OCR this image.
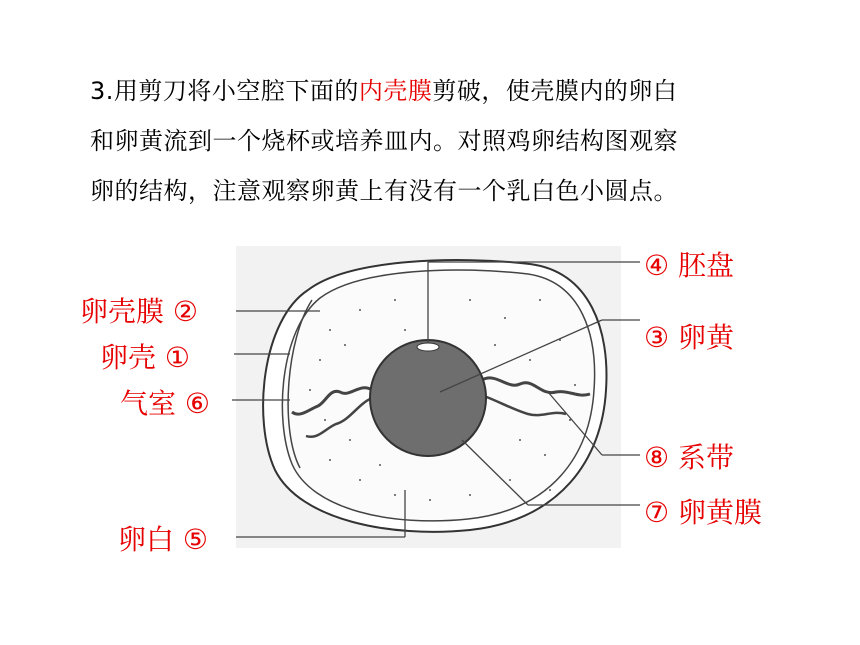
3.用剪刀将小空腔下面的内壳膜剪破，使壳膜内的卵白
和卵黄流到一个烧杯或培养皿内。对照鸡卵结构图观察
卵的结构，注意观察卵黄上有没有一个乳白色小圆点。
卵壳膜 ②
卵壳 ①
气室 ⑥
卵白 ⑤
④ 胚盘
③ 卵黄
⑧ 系带
⑦ 卵黄膜
